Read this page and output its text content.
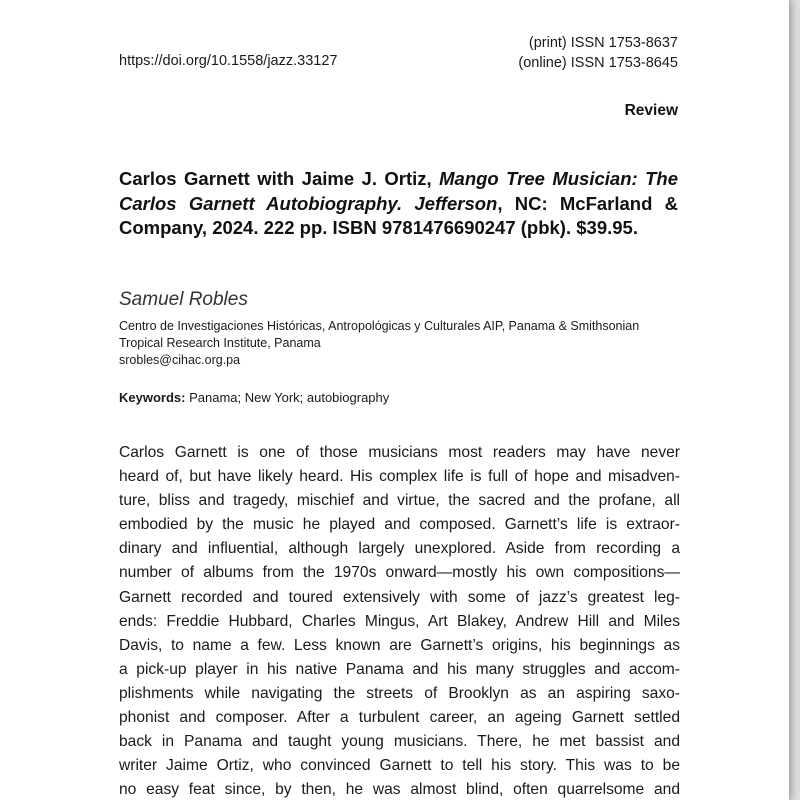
https://doi.org/10.1558/jazz.33127
(print) ISSN 1753-8637
(online) ISSN 1753-8645
Review
Carlos Garnett with Jaime J. Ortiz, Mango Tree Musician: The Carlos Garnett Autobiography. Jefferson, NC: McFarland & Company, 2024. 222 pp. ISBN 9781476690247 (pbk). $39.95.
Samuel Robles
Centro de Investigaciones Históricas, Antropológicas y Culturales AIP, Panama & Smithsonian
Tropical Research Institute, Panama
srobles@cihac.org.pa
Keywords: Panama; New York; autobiography
Carlos Garnett is one of those musicians most readers may have never
heard of, but have likely heard. His complex life is full of hope and misadven-
ture, bliss and tragedy, mischief and virtue, the sacred and the profane, all
embodied by the music he played and composed. Garnett’s life is extraor-
dinary and influential, although largely unexplored. Aside from recording a
number of albums from the 1970s onward—mostly his own compositions—
Garnett recorded and toured extensively with some of jazz’s greatest leg-
ends: Freddie Hubbard, Charles Mingus, Art Blakey, Andrew Hill and Miles
Davis, to name a few. Less known are Garnett’s origins, his beginnings as
a pick-up player in his native Panama and his many struggles and accom-
plishments while navigating the streets of Brooklyn as an aspiring saxo-
phonist and composer. After a turbulent career, an ageing Garnett settled
back in Panama and taught young musicians. There, he met bassist and
writer Jaime Ortiz, who convinced Garnett to tell his story. This was to be
no easy feat since, by then, he was almost blind, often quarrelsome and
